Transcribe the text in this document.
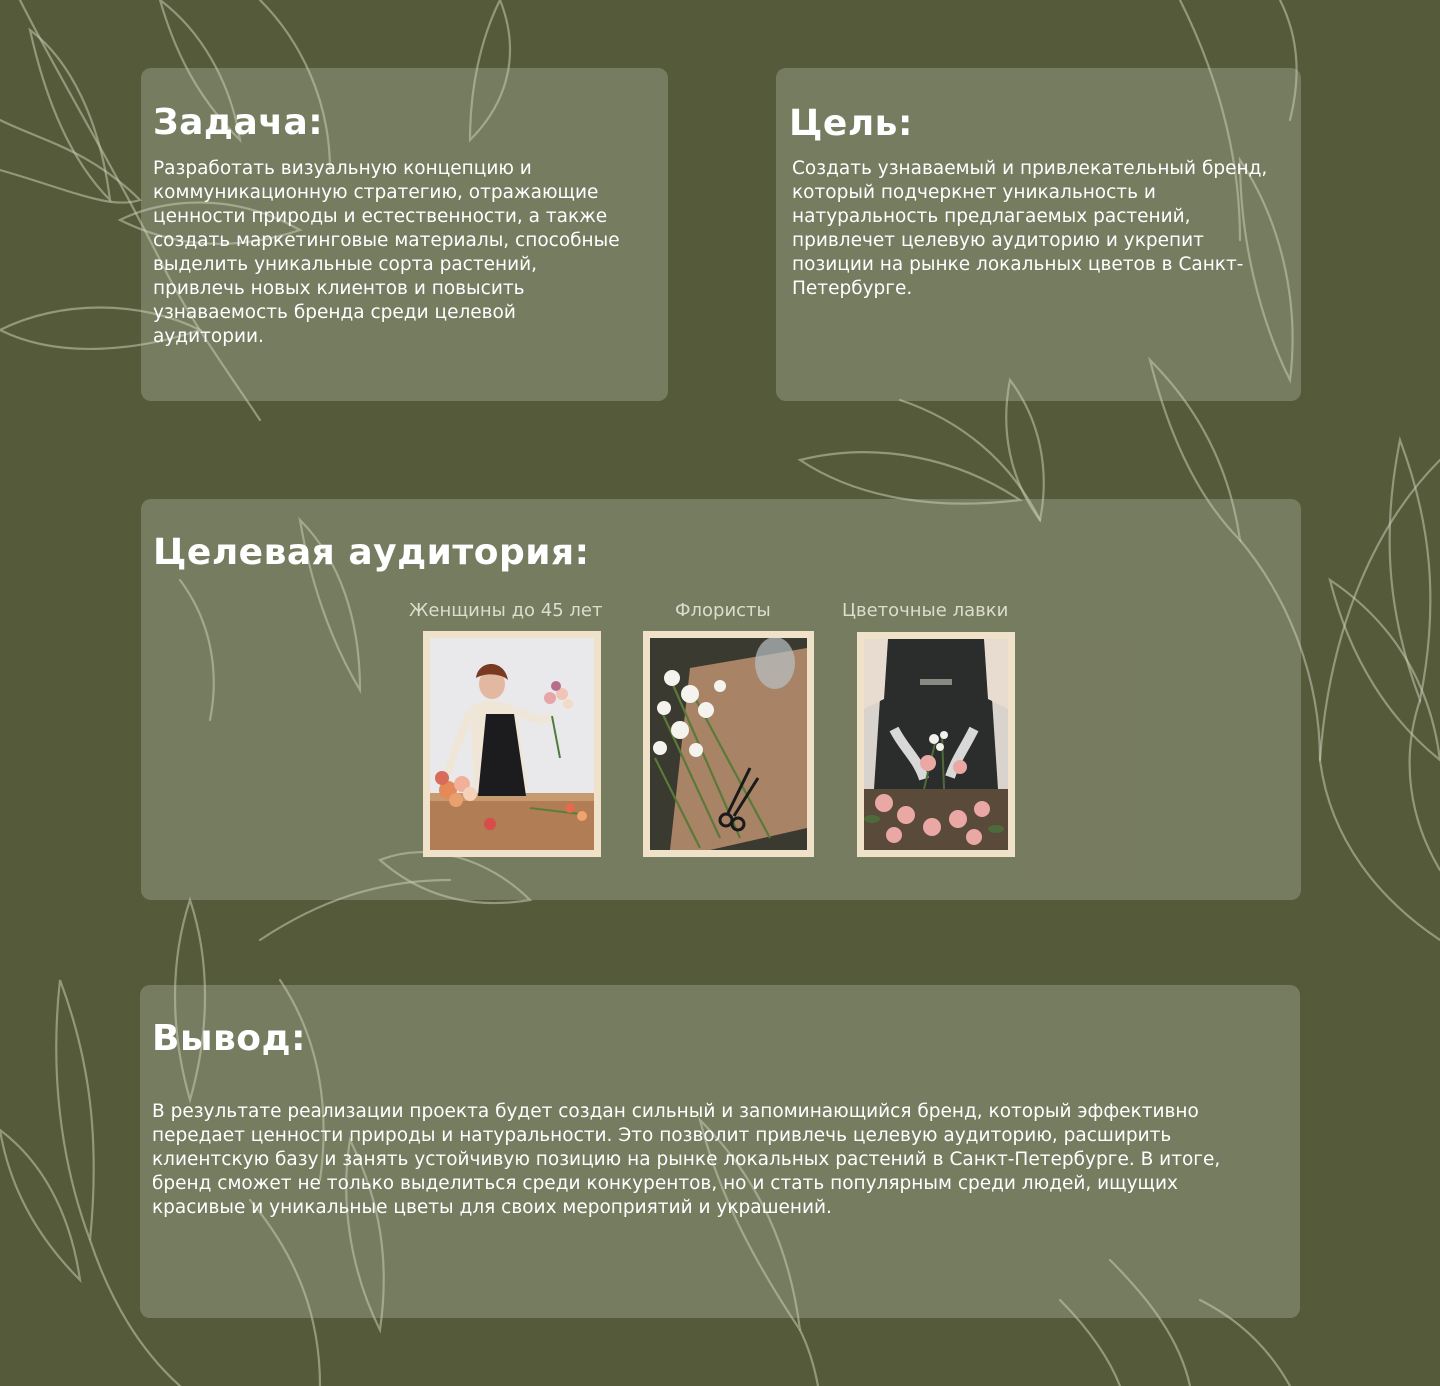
Задача:

Разработать визуальную концепцию и коммуникационную стратегию, отражающие ценности природы и естественности, а также создать маркетинговые материалы, способные выделить уникальные сорта растений, привлечь новых клиентов и повысить узнаваемость бренда среди целевой аудитории.

Цель:

Создать узнаваемый и привлекательный бренд, который подчеркнет уникальность и натуральность предлагаемых растений, привлечет целевую аудиторию и укрепит позиции на рынке локальных цветов в Санкт-Петербурге.

Целевая аудитория:
Женщины до 45 лет	Флористы	Цветочные лавки
Вывод:

В результате реализации проекта будет создан сильный и запоминающийся бренд, который эффективно передает ценности природы и натуральности. Это позволит привлечь целевую аудиторию, расширить клиентскую базу и занять устойчивую позицию на рынке локальных растений в Санкт-Петербурге. В итоге, бренд сможет не только выделиться среди конкурентов, но и стать популярным среди людей, ищущих красивые и уникальные цветы для своих мероприятий и украшений.
